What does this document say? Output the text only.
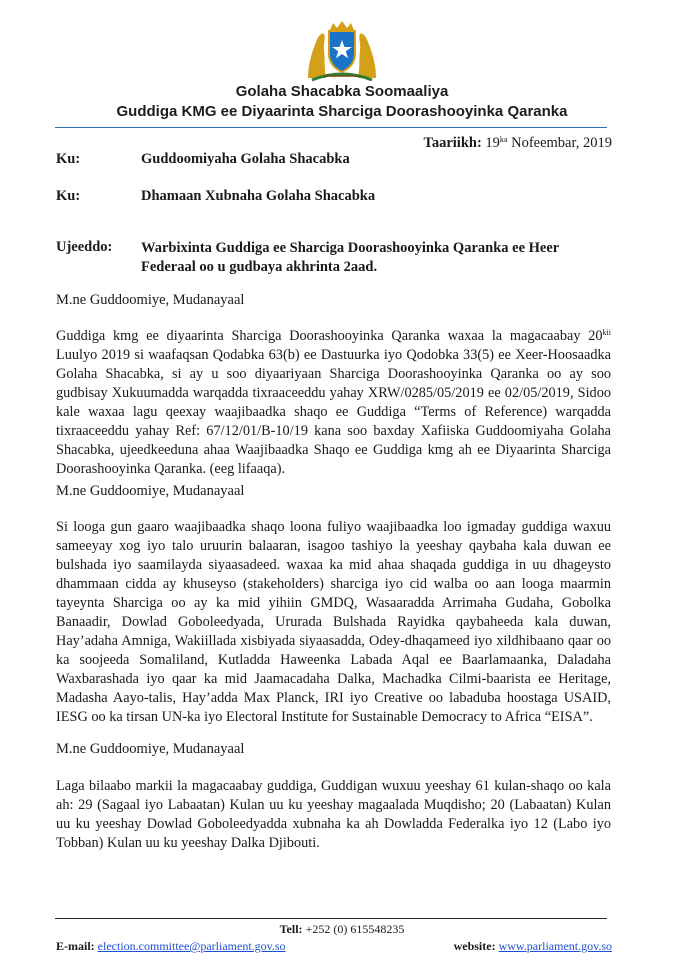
Golaha Shacabka Soomaaliya
Guddiga KMG ee Diyaarinta Sharciga Doorashooyinka Qaranka
Taariikh: $19^{ka}$ Nofeembar, 2019
Ku:	Guddoomiyaha Golaha Shacabka
Ku:	Dhamaan Xubnaha Golaha Shacabka
Ujeeddo: Warbixinta Guddiga ee Sharciga Doorashooyinka Qaranka ee Heer Federaal oo u gudbaya akhrinta 2aad.
M.ne Guddoomiye, Mudanayaal
Guddiga kmg ee diyaarinta Sharciga Doorashooyinka Qaranka waxaa la magacaabay $20^{kii}$ Luulyo 2019 si waafaqsan Qodabka 63(b) ee Dastuurka iyo Qodobka 33(5) ee Xeer-Hoosaadka Golaha Shacabka, si ay u soo diyaariyaan Sharciga Doorashooyinka Qaranka oo ay soo gudbisay Xukuumadda warqadda tixraaceeddu yahay XRW/0285/05/2019 ee 02/05/2019, Sidoo kale waxaa lagu qeexay waajibaadka shaqo ee Guddiga “Terms of Reference) warqadda tixraaceeddu yahay Ref: 67/12/01/B-10/19 kana soo baxday Xafiiska Guddoomiyaha Golaha Shacabka, ujeedkeeduna ahaa Waajibaadka Shaqo ee Guddiga kmg ah ee Diyaarinta Sharciga Doorashooyinka Qaranka. (eeg lifaaqa).
M.ne Guddoomiye, Mudanayaal
Si looga gun gaaro waajibaadka shaqo loona fuliyo waajibaadka loo igmaday guddiga waxuu sameeyay xog iyo talo uruurin balaaran, isagoo tashiyo la yeeshay qaybaha kala duwan ee bulshada iyo saamilayda siyaasadeed. waxaa ka mid ahaa shaqada guddiga in uu dhageysto dhammaan cidda ay khuseyso (stakeholders) sharciga iyo cid walba oo aan looga maarmin tayeynta Sharciga oo ay ka mid yihiin GMDQ, Wasaaradda Arrimaha Gudaha, Gobolka Banaadir, Dowlad Goboleedyada, Ururada Bulshada Rayidka qaybaheeda kala duwan, Hay’adaha Amniga, Wakiillada xisbiyada siyaasadda, Odey-dhaqameed iyo xildhibaano qaar oo ka soojeeda Somaliland, Kutladda Haweenka Labada Aqal ee Baarlamaanka, Daladaha Waxbarashada iyo qaar ka mid Jaamacadaha Dalka, Machadka Cilmi-baarista ee Heritage, Madasha Aayo-talis, Hay’adda Max Planck, IRI iyo Creative oo labaduba hoostaga USAID, IESG oo ka tirsan UN-ka iyo Electoral Institute for Sustainable Democracy to Africa “EISA”.
M.ne Guddoomiye, Mudanayaal
Laga bilaabo markii la magacaabay guddiga, Guddigan wuxuu yeeshay 61 kulan-shaqo oo kala ah: 29 (Sagaal iyo Labaatan) Kulan uu ku yeeshay magaalada Muqdisho; 20 (Labaatan) Kulan uu ku yeeshay Dowlad Goboleedyadda xubnaha ka ah Dowladda Federalka iyo 12 (Labo iyo Tobban) Kulan uu ku yeeshay Dalka Djibouti.
Tell: +252 (0) 615548235
E-mail: election.committee@parliament.gov.so	website: www.parliament.gov.so
